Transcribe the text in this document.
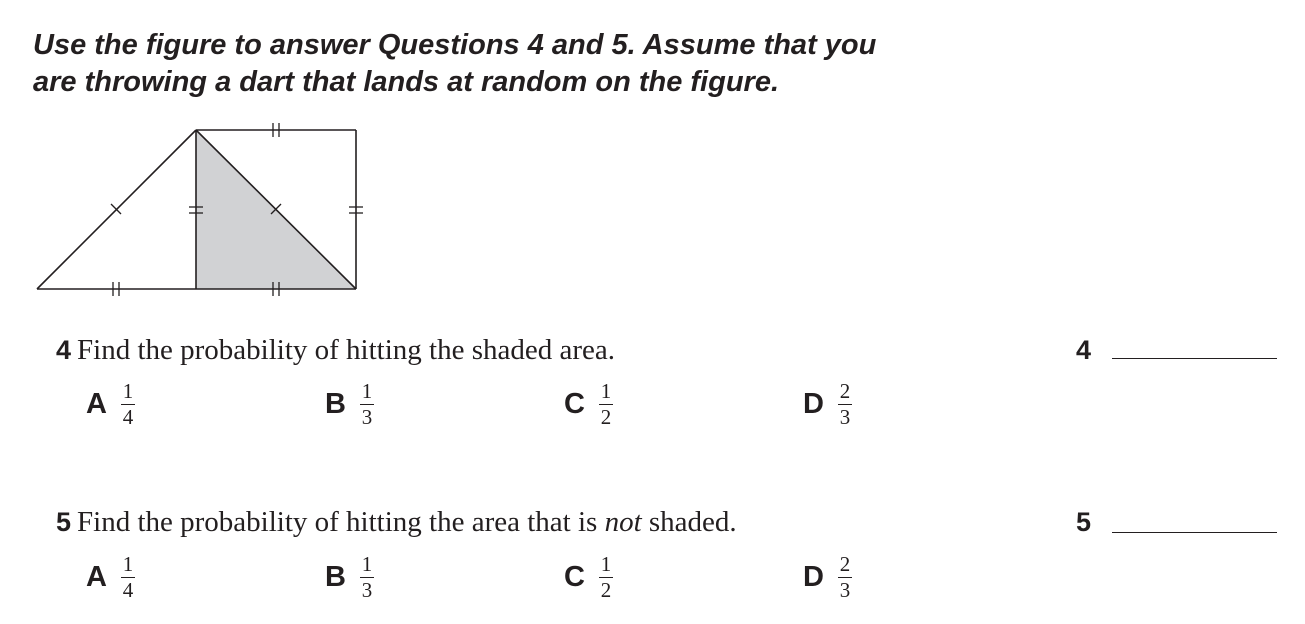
Use the figure to answer Questions 4 and 5. Assume that you
are throwing a dart that lands at random on the figure.

4 Find the probability of hitting the shaded area.	4
A $\frac{1}{4}$	B $\frac{1}{3}$	C $\frac{1}{2}$	D $\frac{2}{3}$
5 Find the probability of hitting the area that is not shaded.	5
A $\frac{1}{4}$	B $\frac{1}{3}$	C $\frac{1}{2}$	D $\frac{2}{3}$
